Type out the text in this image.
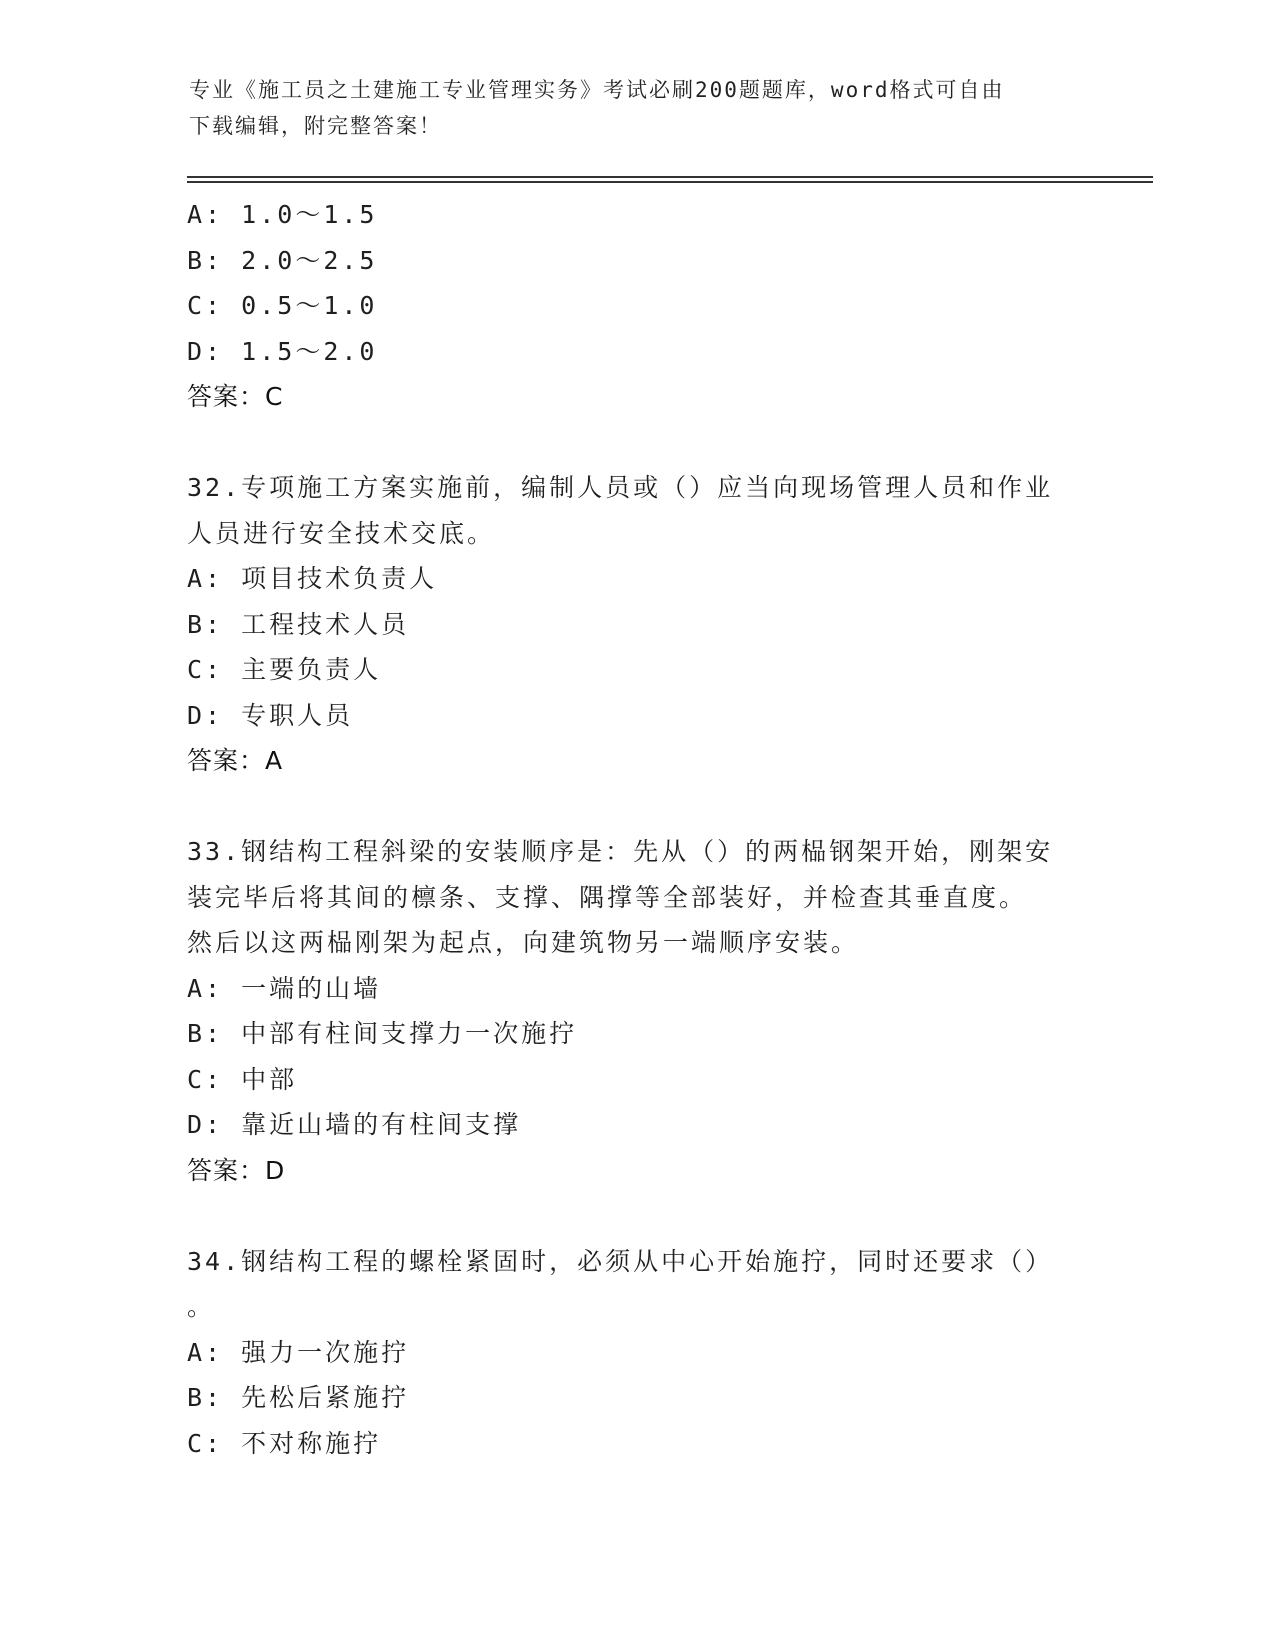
专业《施工员之土建施工专业管理实务》考试必刷200题题库，word格式可自由
下载编辑，附完整答案！
A: 1.0～1.5
B: 2.0～2.5
C: 0.5～1.0
D: 1.5～2.0
答案：C
32.专项施工方案实施前，编制人员或（）应当向现场管理人员和作业
人员进行安全技术交底。
A: 项目技术负责人
B: 工程技术人员
C: 主要负责人
D: 专职人员
答案：A
33.钢结构工程斜梁的安装顺序是：先从（）的两榀钢架开始，刚架安
装完毕后将其间的檩条、支撑、隅撑等全部装好，并检查其垂直度。
然后以这两榀刚架为起点，向建筑物另一端顺序安装。
A: 一端的山墙
B: 中部有柱间支撑力一次施拧
C: 中部
D: 靠近山墙的有柱间支撑
答案：D
34.钢结构工程的螺栓紧固时，必须从中心开始施拧，同时还要求（）
。
A: 强力一次施拧
B: 先松后紧施拧
C: 不对称施拧
